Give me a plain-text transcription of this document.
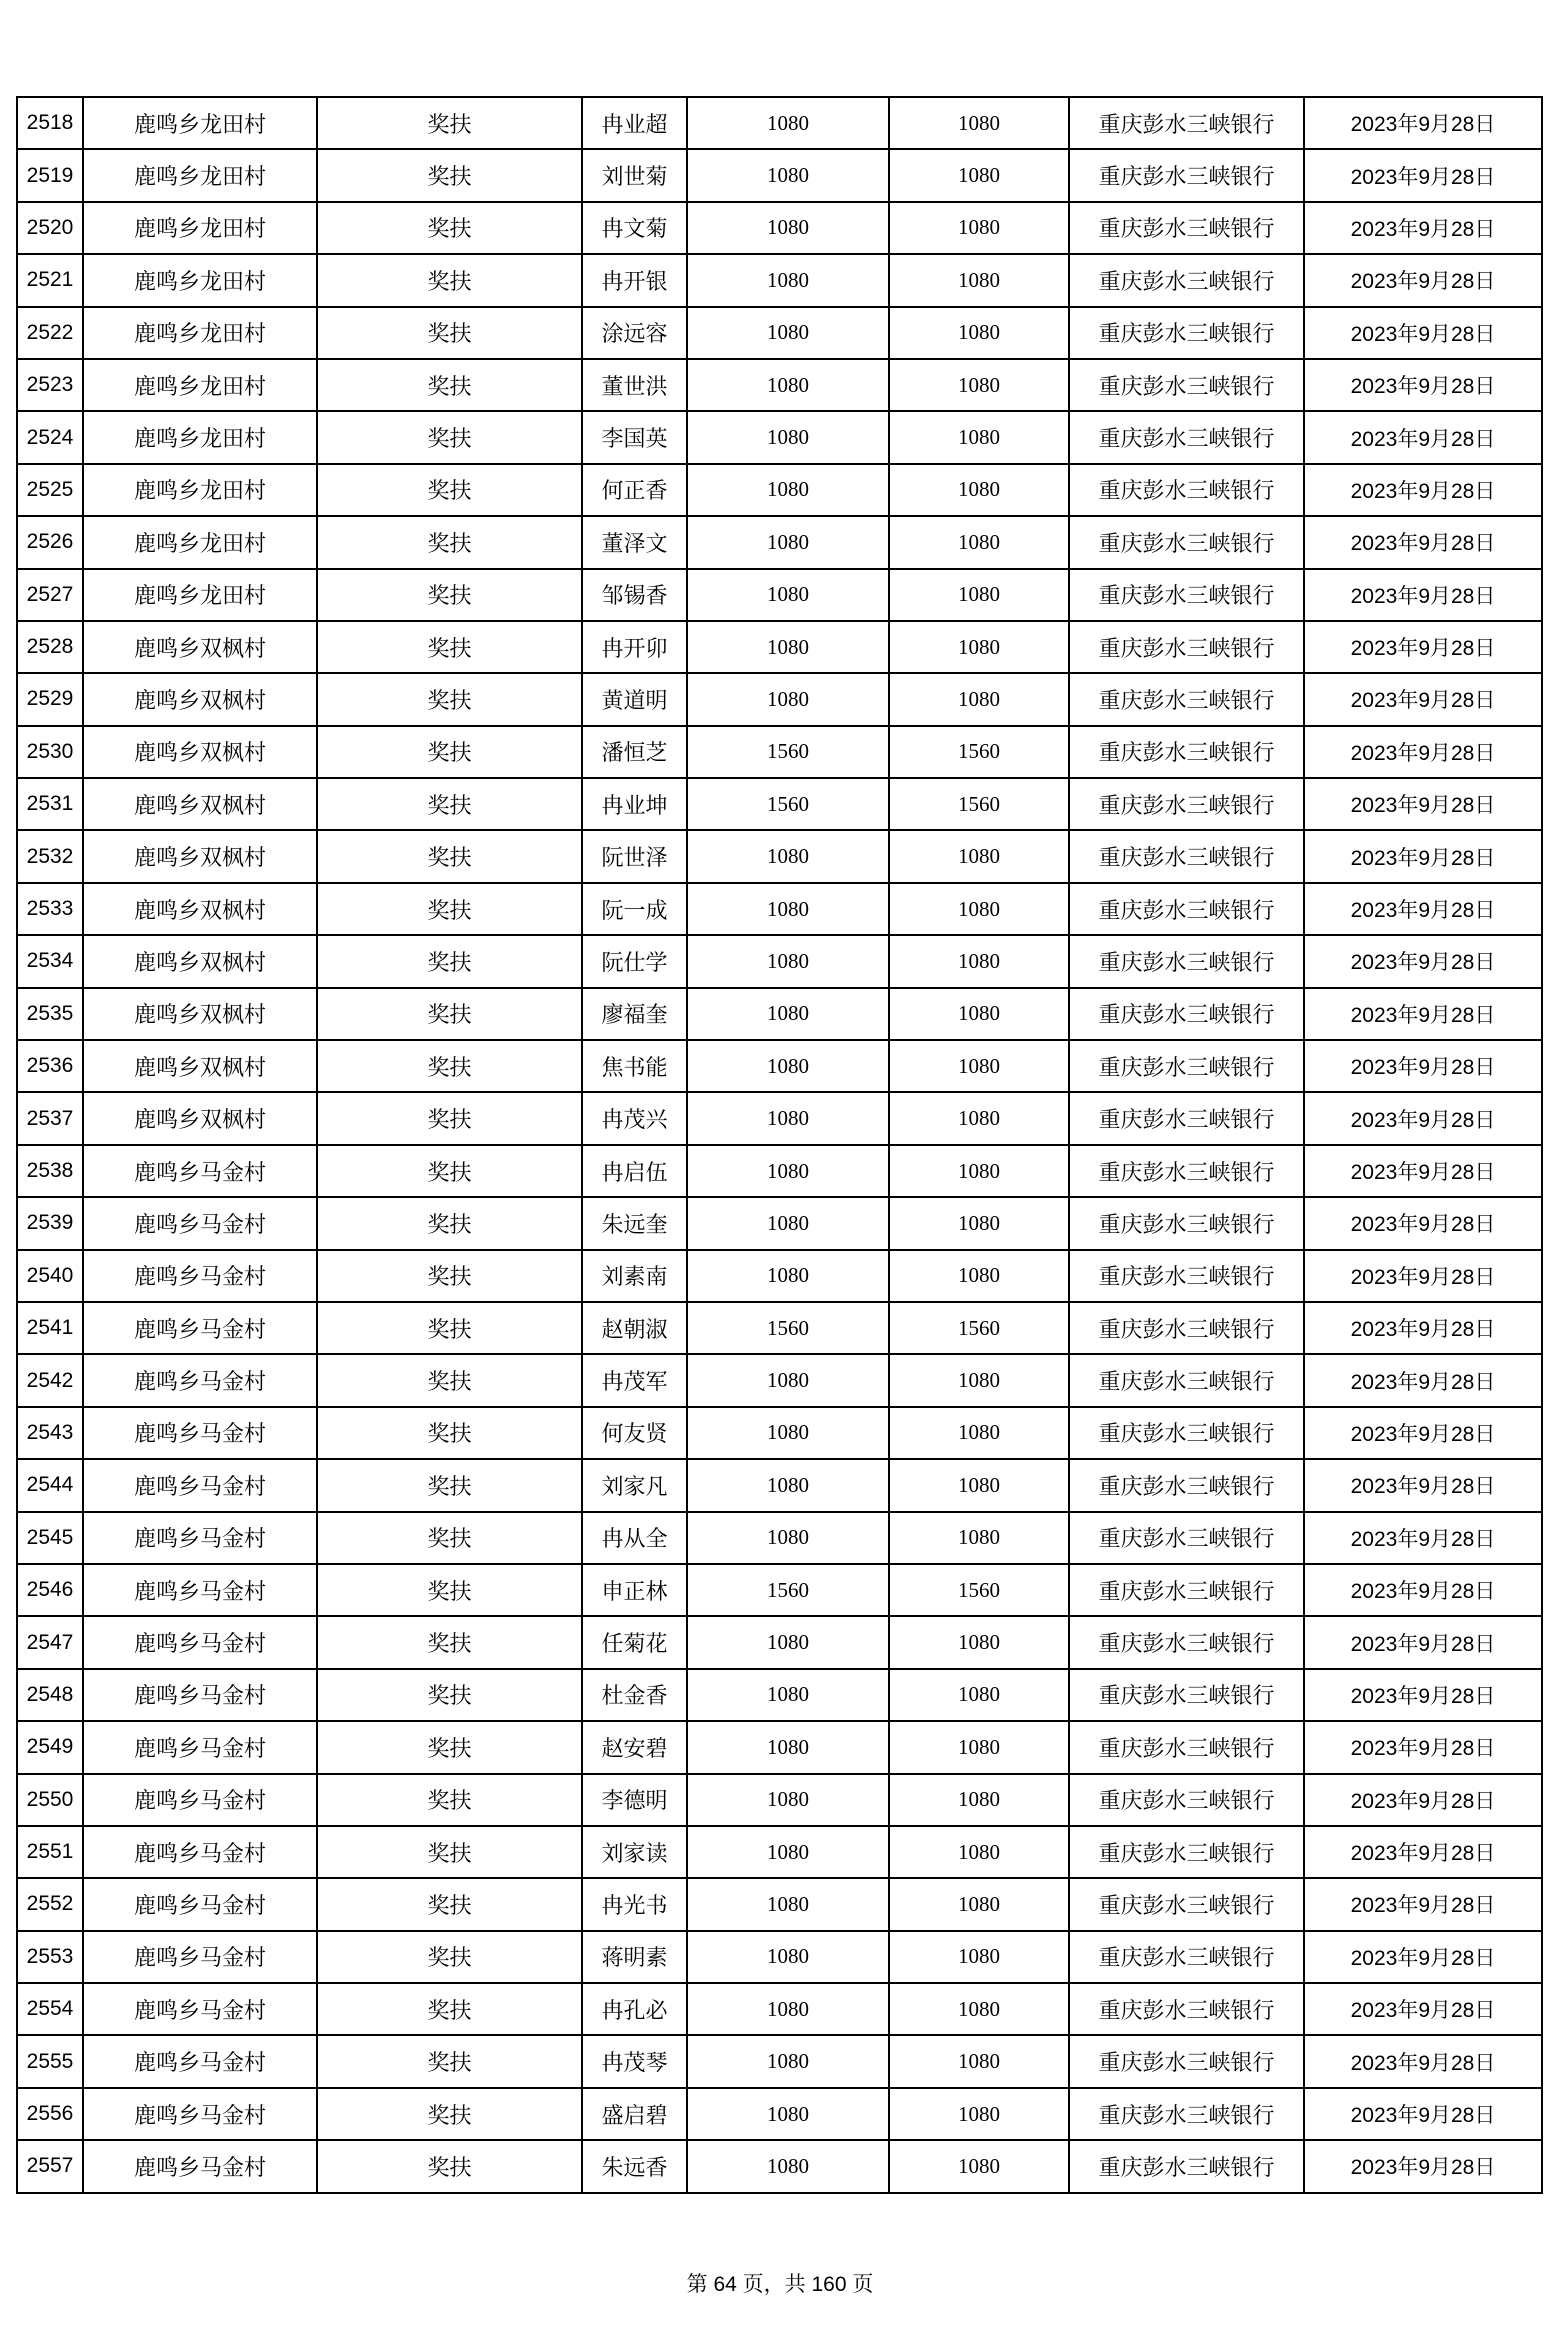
2518	鹿鸣乡龙田村	奖扶	冉业超	1080	1080	重庆彭水三峡银行	2023年9月28日
2519	鹿鸣乡龙田村	奖扶	刘世菊	1080	1080	重庆彭水三峡银行	2023年9月28日
2520	鹿鸣乡龙田村	奖扶	冉文菊	1080	1080	重庆彭水三峡银行	2023年9月28日
2521	鹿鸣乡龙田村	奖扶	冉开银	1080	1080	重庆彭水三峡银行	2023年9月28日
2522	鹿鸣乡龙田村	奖扶	涂远容	1080	1080	重庆彭水三峡银行	2023年9月28日
2523	鹿鸣乡龙田村	奖扶	董世洪	1080	1080	重庆彭水三峡银行	2023年9月28日
2524	鹿鸣乡龙田村	奖扶	李国英	1080	1080	重庆彭水三峡银行	2023年9月28日
2525	鹿鸣乡龙田村	奖扶	何正香	1080	1080	重庆彭水三峡银行	2023年9月28日
2526	鹿鸣乡龙田村	奖扶	董泽文	1080	1080	重庆彭水三峡银行	2023年9月28日
2527	鹿鸣乡龙田村	奖扶	邹锡香	1080	1080	重庆彭水三峡银行	2023年9月28日
2528	鹿鸣乡双枫村	奖扶	冉开卯	1080	1080	重庆彭水三峡银行	2023年9月28日
2529	鹿鸣乡双枫村	奖扶	黄道明	1080	1080	重庆彭水三峡银行	2023年9月28日
2530	鹿鸣乡双枫村	奖扶	潘恒芝	1560	1560	重庆彭水三峡银行	2023年9月28日
2531	鹿鸣乡双枫村	奖扶	冉业坤	1560	1560	重庆彭水三峡银行	2023年9月28日
2532	鹿鸣乡双枫村	奖扶	阮世泽	1080	1080	重庆彭水三峡银行	2023年9月28日
2533	鹿鸣乡双枫村	奖扶	阮一成	1080	1080	重庆彭水三峡银行	2023年9月28日
2534	鹿鸣乡双枫村	奖扶	阮仕学	1080	1080	重庆彭水三峡银行	2023年9月28日
2535	鹿鸣乡双枫村	奖扶	廖福奎	1080	1080	重庆彭水三峡银行	2023年9月28日
2536	鹿鸣乡双枫村	奖扶	焦书能	1080	1080	重庆彭水三峡银行	2023年9月28日
2537	鹿鸣乡双枫村	奖扶	冉茂兴	1080	1080	重庆彭水三峡银行	2023年9月28日
2538	鹿鸣乡马金村	奖扶	冉启伍	1080	1080	重庆彭水三峡银行	2023年9月28日
2539	鹿鸣乡马金村	奖扶	朱远奎	1080	1080	重庆彭水三峡银行	2023年9月28日
2540	鹿鸣乡马金村	奖扶	刘素南	1080	1080	重庆彭水三峡银行	2023年9月28日
2541	鹿鸣乡马金村	奖扶	赵朝淑	1560	1560	重庆彭水三峡银行	2023年9月28日
2542	鹿鸣乡马金村	奖扶	冉茂军	1080	1080	重庆彭水三峡银行	2023年9月28日
2543	鹿鸣乡马金村	奖扶	何友贤	1080	1080	重庆彭水三峡银行	2023年9月28日
2544	鹿鸣乡马金村	奖扶	刘家凡	1080	1080	重庆彭水三峡银行	2023年9月28日
2545	鹿鸣乡马金村	奖扶	冉从全	1080	1080	重庆彭水三峡银行	2023年9月28日
2546	鹿鸣乡马金村	奖扶	申正林	1560	1560	重庆彭水三峡银行	2023年9月28日
2547	鹿鸣乡马金村	奖扶	任菊花	1080	1080	重庆彭水三峡银行	2023年9月28日
2548	鹿鸣乡马金村	奖扶	杜金香	1080	1080	重庆彭水三峡银行	2023年9月28日
2549	鹿鸣乡马金村	奖扶	赵安碧	1080	1080	重庆彭水三峡银行	2023年9月28日
2550	鹿鸣乡马金村	奖扶	李德明	1080	1080	重庆彭水三峡银行	2023年9月28日
2551	鹿鸣乡马金村	奖扶	刘家读	1080	1080	重庆彭水三峡银行	2023年9月28日
2552	鹿鸣乡马金村	奖扶	冉光书	1080	1080	重庆彭水三峡银行	2023年9月28日
2553	鹿鸣乡马金村	奖扶	蒋明素	1080	1080	重庆彭水三峡银行	2023年9月28日
2554	鹿鸣乡马金村	奖扶	冉孔必	1080	1080	重庆彭水三峡银行	2023年9月28日
2555	鹿鸣乡马金村	奖扶	冉茂琴	1080	1080	重庆彭水三峡银行	2023年9月28日
2556	鹿鸣乡马金村	奖扶	盛启碧	1080	1080	重庆彭水三峡银行	2023年9月28日
2557	鹿鸣乡马金村	奖扶	朱远香	1080	1080	重庆彭水三峡银行	2023年9月28日
第 64 页，共 160 页
